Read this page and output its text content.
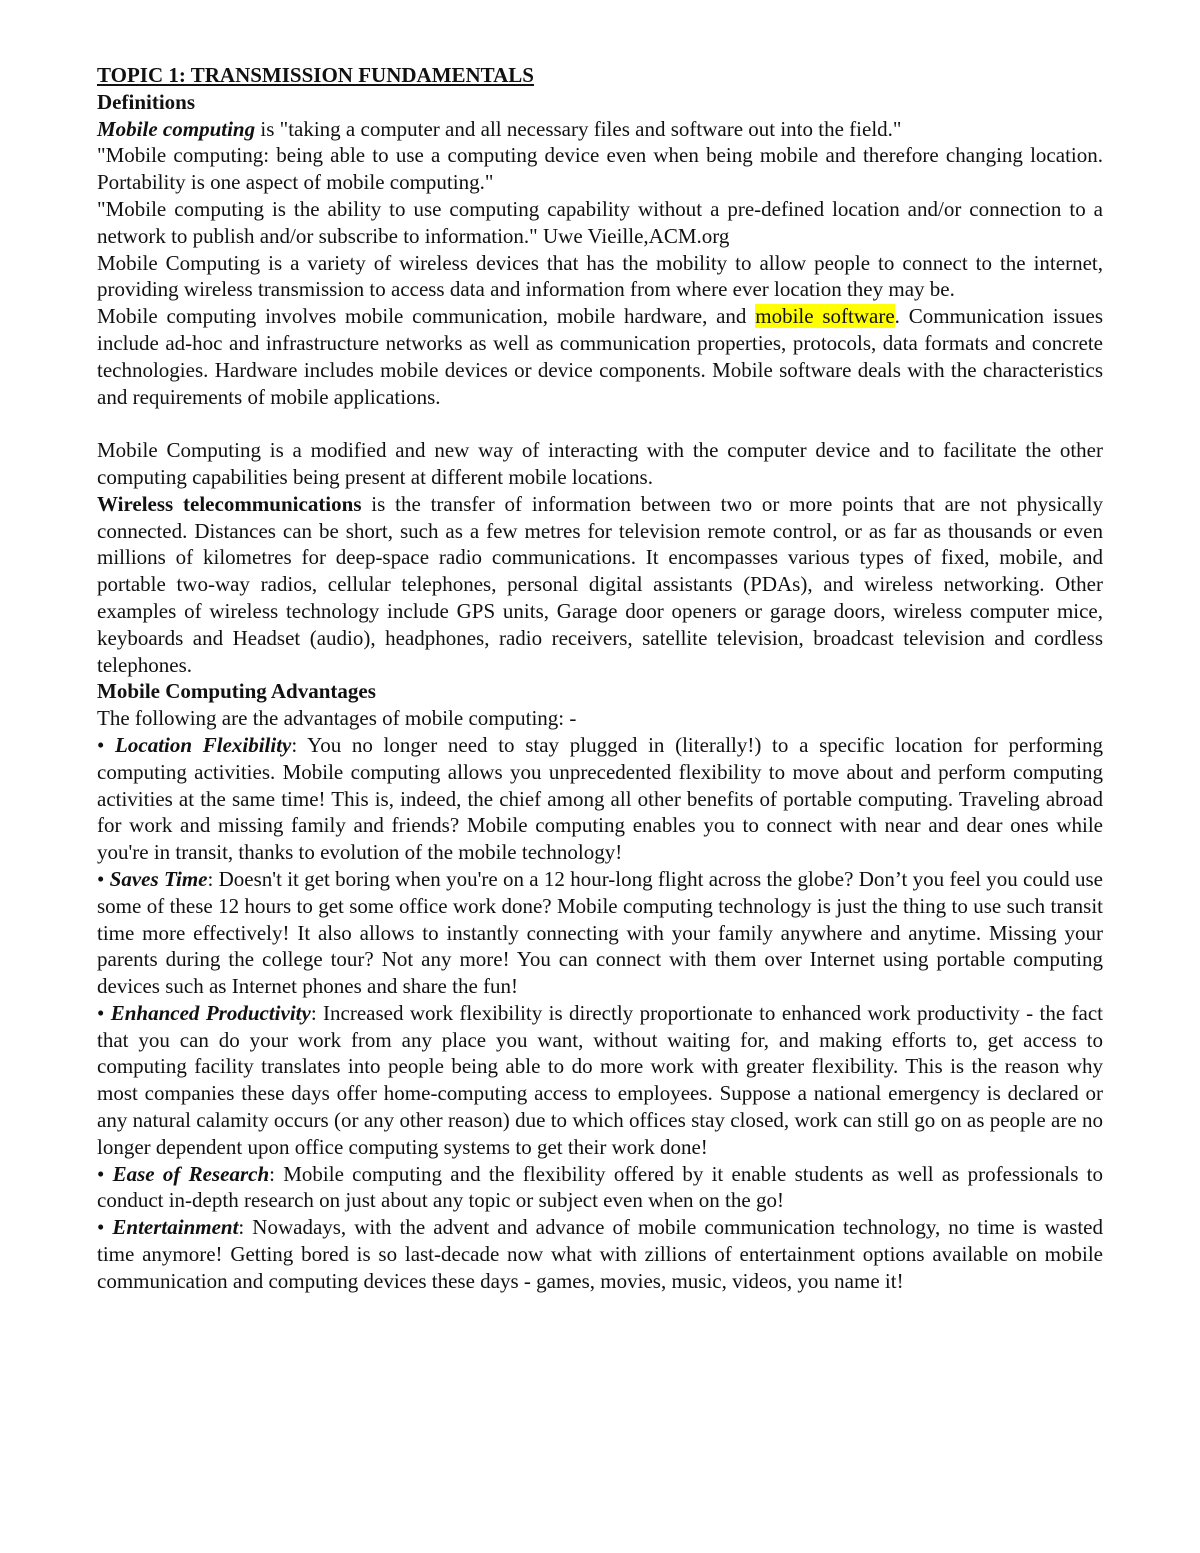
TOPIC 1: TRANSMISSION FUNDAMENTALS

Definitions

Mobile computing is "taking a computer and all necessary files and software out into the field."

"Mobile computing: being able to use a computing device even when being mobile and therefore changing location. Portability is one aspect of mobile computing."

"Mobile computing is the ability to use computing capability without a pre-defined location and/or connection to a network to publish and/or subscribe to information." Uwe Vieille,ACM.org

Mobile Computing is a variety of wireless devices that has the mobility to allow people to connect to the internet, providing wireless transmission to access data and information from where ever location they may be.

Mobile computing involves mobile communication, mobile hardware, and mobile software. Communication issues include ad-hoc and infrastructure networks as well as communication properties, protocols, data formats and concrete technologies. Hardware includes mobile devices or device components. Mobile software deals with the characteristics and requirements of mobile applications.

Mobile Computing is a modified and new way of interacting with the computer device and to facilitate the other computing capabilities being present at different mobile locations.

Wireless telecommunications is the transfer of information between two or more points that are not physically connected. Distances can be short, such as a few metres for television remote control, or as far as thousands or even millions of kilometres for deep-space radio communications. It encompasses various types of fixed, mobile, and portable two-way radios, cellular telephones, personal digital assistants (PDAs), and wireless networking. Other examples of wireless technology include GPS units, Garage door openers or garage doors, wireless computer mice, keyboards and Headset (audio), headphones, radio receivers, satellite television, broadcast television and cordless telephones.

Mobile Computing Advantages

The following are the advantages of mobile computing: -

• Location Flexibility: You no longer need to stay plugged in (literally!) to a specific location for performing computing activities. Mobile computing allows you unprecedented flexibility to move about and perform computing activities at the same time! This is, indeed, the chief among all other benefits of portable computing. Traveling abroad for work and missing family and friends? Mobile computing enables you to connect with near and dear ones while you're in transit, thanks to evolution of the mobile technology!

• Saves Time: Doesn't it get boring when you're on a 12 hour-long flight across the globe? Don’t you feel you could use some of these 12 hours to get some office work done? Mobile computing technology is just the thing to use such transit time more effectively! It also allows to instantly connecting with your family anywhere and anytime. Missing your parents during the college tour? Not any more! You can connect with them over Internet using portable computing devices such as Internet phones and share the fun!

• Enhanced Productivity: Increased work flexibility is directly proportionate to enhanced work productivity - the fact that you can do your work from any place you want, without waiting for, and making efforts to, get access to computing facility translates into people being able to do more work with greater flexibility. This is the reason why most companies these days offer home-computing access to employees. Suppose a national emergency is declared or any natural calamity occurs (or any other reason) due to which offices stay closed, work can still go on as people are no longer dependent upon office computing systems to get their work done!

• Ease of Research: Mobile computing and the flexibility offered by it enable students as well as professionals to conduct in-depth research on just about any topic or subject even when on the go!

• Entertainment: Nowadays, with the advent and advance of mobile communication technology, no time is wasted time anymore! Getting bored is so last-decade now what with zillions of entertainment options available on mobile communication and computing devices these days - games, movies, music, videos, you name it!
